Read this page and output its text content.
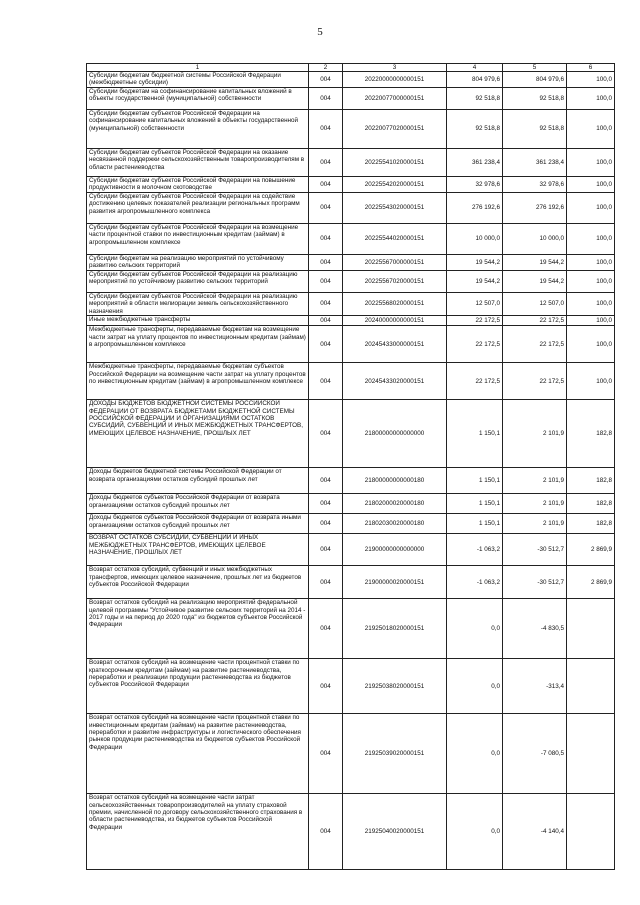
5
1	2	3	4	5	6
Субсидии бюджетам бюджетной системы Российской Федерации (межбюджетные субсидии)	004	20220000000000151	804 979,6	804 979,6	100,0
Субсидии бюджетам на софинансирование капитальных вложений в объекты государственной (муниципальной) собственности	004	20220077000000151	92 518,8	92 518,8	100,0
Субсидии бюджетам субъектов Российской Федерации на софинансирование капитальных вложений в объекты государственной (муниципальной) собственности	004	20220077020000151	92 518,8	92 518,8	100,0
Субсидии бюджетам субъектов Российской Федерации на оказание несвязанной поддержки сельскохозяйственным товаропроизводителям в области растениеводства	004	20225541020000151	361 238,4	361 238,4	100,0
Субсидии бюджетам субъектов Российской Федерации на повышение продуктивности в молочном скотоводстве	004	20225542020000151	32 978,6	32 978,6	100,0
Субсидии бюджетам субъектов Российской Федерации на содействие достижению целевых показателей реализации региональных программ развития агропромышленного комплекса	004	20225543020000151	276 192,6	276 192,6	100,0
Субсидии бюджетам субъектов Российской Федерации на возмещение части процентной ставки по инвестиционным кредитам (займам) в агропромышленном комплексе	004	20225544020000151	10 000,0	10 000,0	100,0
Субсидии бюджетам на реализацию мероприятий по устойчивому развитию сельских территорий	004	20225567000000151	19 544,2	19 544,2	100,0
Субсидии бюджетам субъектов Российской Федерации на реализацию мероприятий по устойчивому развитию сельских территорий	004	20225567020000151	19 544,2	19 544,2	100,0
Субсидии бюджетам субъектов Российской Федерации на реализацию мероприятий в области мелиорации земель сельскохозяйственного назначения	004	20225568020000151	12 507,0	12 507,0	100,0
Иные межбюджетные трансферты	004	20240000000000151	22 172,5	22 172,5	100,0
Межбюджетные трансферты, передаваемые бюджетам на возмещение части затрат на уплату процентов по инвестиционным кредитам (займам) в агропромышленном комплексе	004	20245433000000151	22 172,5	22 172,5	100,0
Межбюджетные трансферты, передаваемые бюджетам субъектов Российской Федерации на возмещение части затрат на уплату процентов по инвестиционным кредитам (займам) в агропромышленном комплексе	004	20245433020000151	22 172,5	22 172,5	100,0
ДОХОДЫ БЮДЖЕТОВ БЮДЖЕТНОЙ СИСТЕМЫ РОССИЙСКОЙ ФЕДЕРАЦИИ ОТ ВОЗВРАТА БЮДЖЕТАМИ БЮДЖЕТНОЙ СИСТЕМЫ РОССИЙСКОЙ ФЕДЕРАЦИИ И ОРГАНИЗАЦИЯМИ ОСТАТКОВ СУБСИДИЙ, СУБВЕНЦИЙ И ИНЫХ МЕЖБЮДЖЕТНЫХ ТРАНСФЕРТОВ, ИМЕЮЩИХ ЦЕЛЕВОЕ НАЗНАЧЕНИЕ, ПРОШЛЫХ ЛЕТ	004	21800000000000000	1 150,1	2 101,9	182,8
Доходы бюджетов бюджетной системы Российской Федерации от возврата организациями остатков субсидий прошлых лет	004	21800000000000180	1 150,1	2 101,9	182,8
Доходы бюджетов субъектов Российской Федерации от возврата организациями остатков субсидий прошлых лет	004	21802000020000180	1 150,1	2 101,9	182,8
Доходы бюджетов субъектов Российской Федерации от возврата иными организациями остатков субсидий прошлых лет	004	21802030020000180	1 150,1	2 101,9	182,8
ВОЗВРАТ ОСТАТКОВ СУБСИДИЙ, СУБВЕНЦИЙ И ИНЫХ МЕЖБЮДЖЕТНЫХ ТРАНСФЕРТОВ, ИМЕЮЩИХ ЦЕЛЕВОЕ НАЗНАЧЕНИЕ, ПРОШЛЫХ ЛЕТ	004	21900000000000000	-1 063,2	-30 512,7	2 869,9
Возврат остатков субсидий, субвенций и иных межбюджетных трансфертов, имеющих целевое назначение, прошлых лет из бюджетов субъектов Российской Федерации	004	21900000020000151	-1 063,2	-30 512,7	2 869,9
Возврат остатков субсидий на реализацию мероприятий федеральной целевой программы "Устойчивое развитие сельских территорий на 2014 - 2017 годы и на период до 2020 года" из бюджетов субъектов Российской Федерации	004	21925018020000151	0,0	-4 830,5	
Возврат остатков субсидий на возмещение части процентной ставки по краткосрочным кредитам (займам) на развитие растениеводства, переработки и реализации продукции растениеводства из бюджетов субъектов Российской Федерации	004	21925038020000151	0,0	-313,4	
Возврат остатков субсидий на возмещение части процентной ставки по инвестиционным кредитам (займам) на развитие растениеводства, переработки и развитие инфраструктуры и логистического обеспечения рынков продукции растениеводства из бюджетов субъектов Российской Федерации	004	21925039020000151	0,0	-7 080,5	
Возврат остатков субсидий на возмещение части затрат сельскохозяйственных товаропроизводителей на уплату страховой премии, начисленной по договору сельскохозяйственного страхования в области растениеводства, из бюджетов субъектов Российской Федерации	004	21925040020000151	0,0	-4 140,4	
